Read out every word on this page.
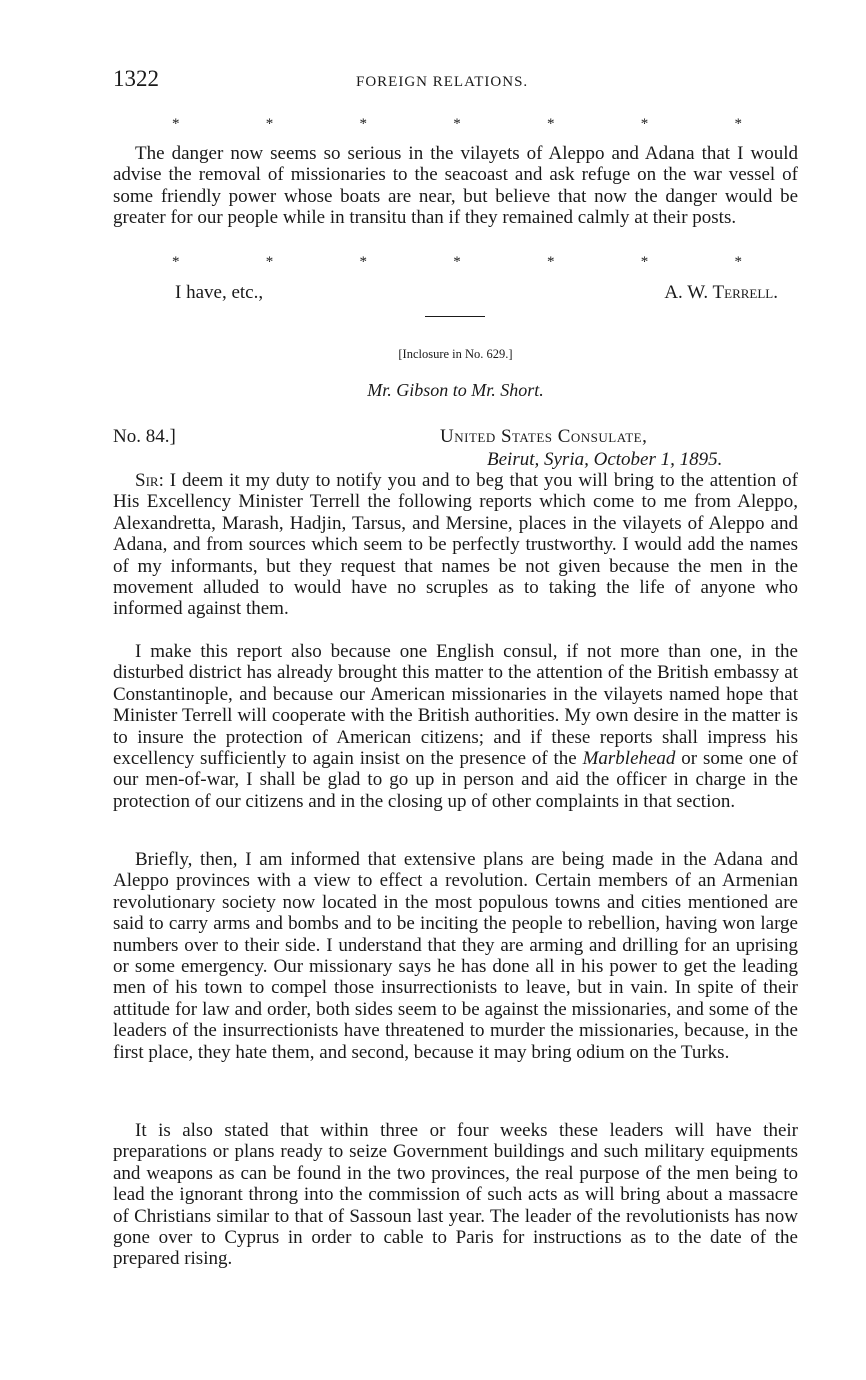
1322	FOREIGN RELATIONS.
*	*	*	*	*	*	*

The danger now seems so serious in the vilayets of Aleppo and Adana that I would advise the removal of missionaries to the seacoast and ask refuge on the war vessel of some friendly power whose boats are near, but believe that now the danger would be greater for our people while in transitu than if they remained calmly at their posts.

*	*	*	*	*	*	*
I have, etc.,	A. W. Terrell.
[Inclosure in No. 629.]
Mr. Gibson to Mr. Short.
No. 84.]	United States Consulate,
Beirut, Syria, October 1, 1895.

Sir: I deem it my duty to notify you and to beg that you will bring to the attention of His Excellency Minister Terrell the following reports which come to me from Aleppo, Alexandretta, Marash, Hadjin, Tarsus, and Mersine, places in the vilayets of Aleppo and Adana, and from sources which seem to be perfectly trustworthy. I would add the names of my informants, but they request that names be not given because the men in the movement alluded to would have no scruples as to taking the life of anyone who informed against them.

I make this report also because one English consul, if not more than one, in the disturbed district has already brought this matter to the attention of the British embassy at Constantinople, and because our American missionaries in the vilayets named hope that Minister Terrell will cooperate with the British authorities. My own desire in the matter is to insure the protection of American citizens; and if these reports shall impress his excellency sufficiently to again insist on the presence of the Marblehead or some one of our men-of-war, I shall be glad to go up in person and aid the officer in charge in the protection of our citizens and in the closing up of other complaints in that section.

Briefly, then, I am informed that extensive plans are being made in the Adana and Aleppo provinces with a view to effect a revolution. Certain members of an Armenian revolutionary society now located in the most populous towns and cities mentioned are said to carry arms and bombs and to be inciting the people to rebellion, having won large numbers over to their side. I understand that they are arming and drilling for an uprising or some emergency. Our missionary says he has done all in his power to get the leading men of his town to compel those insurrectionists to leave, but in vain. In spite of their attitude for law and order, both sides seem to be against the missionaries, and some of the leaders of the insurrectionists have threatened to murder the missionaries, because, in the first place, they hate them, and second, because it may bring odium on the Turks.

It is also stated that within three or four weeks these leaders will have their preparations or plans ready to seize Government buildings and such military equipments and weapons as can be found in the two provinces, the real purpose of the men being to lead the ignorant throng into the commission of such acts as will bring about a massacre of Christians similar to that of Sassoun last year. The leader of the revolutionists has now gone over to Cyprus in order to cable to Paris for instructions as to the date of the prepared rising.
